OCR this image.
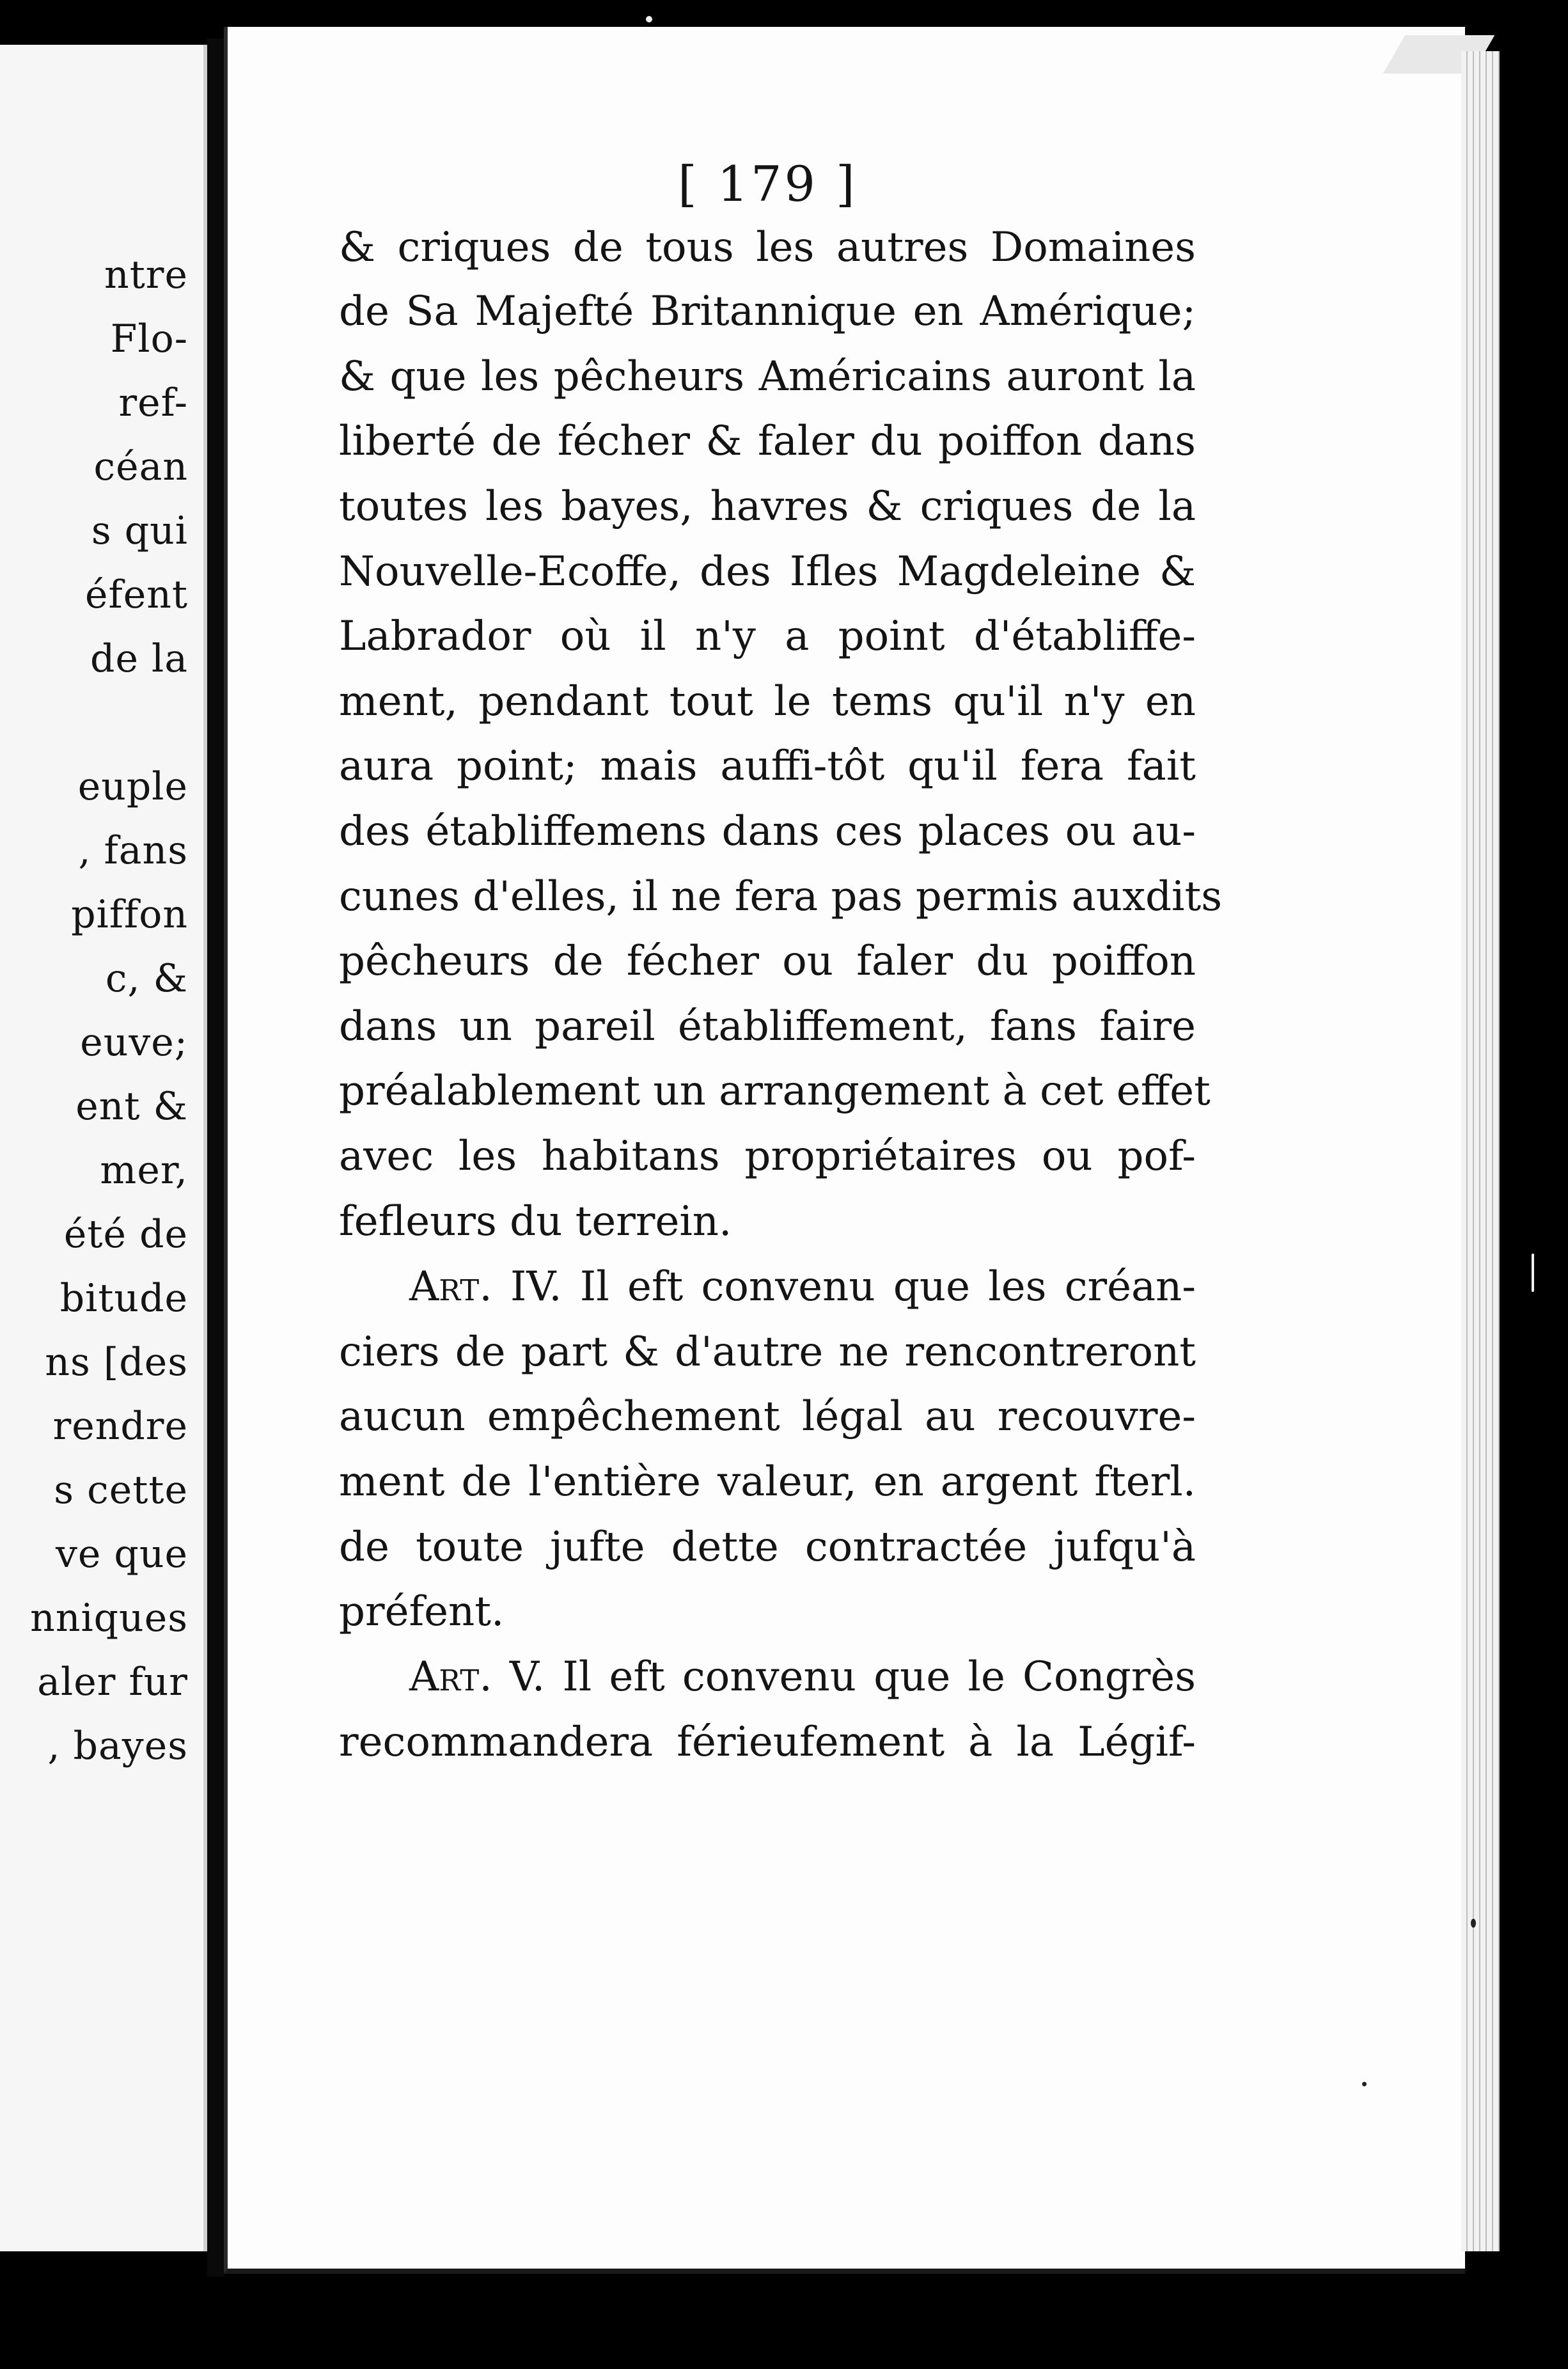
ntre
Flo-
ref-
céan
s qui
éfent
de la
euple
, fans
piffon
c, &
euve;
ent &
mer,
été de
bitude
ns [des
rendre
s cette
ve que
nniques
aler fur
, bayes
[ 179 ]
& criques de tous les autres Domaines
de Sa Majefté Britannique en Amérique;
& que les pêcheurs Américains auront la
liberté de fécher & faler du poiffon dans
toutes les bayes, havres & criques de la
Nouvelle-Ecoffe, des Ifles Magdeleine &
Labrador où il n'y a point d'établiffe-
ment, pendant tout le tems qu'il n'y en
aura point; mais auffi-tôt qu'il fera fait
des établiffemens dans ces places ou au-
cunes d'elles, il ne fera pas permis auxdits
pêcheurs de fécher ou faler du poiffon
dans un pareil établiffement, fans faire
préalablement un arrangement à cet effet
avec les habitans propriétaires ou pof-
fefleurs du terrein.
Art. IV. Il eft convenu que les créan-
ciers de part & d'autre ne rencontreront
aucun empêchement légal au recouvre-
ment de l'entière valeur, en argent fterl.
de toute jufte dette contractée jufqu'à
préfent.
Art. V. Il eft convenu que le Congrès
recommandera férieufement à la Légif-
